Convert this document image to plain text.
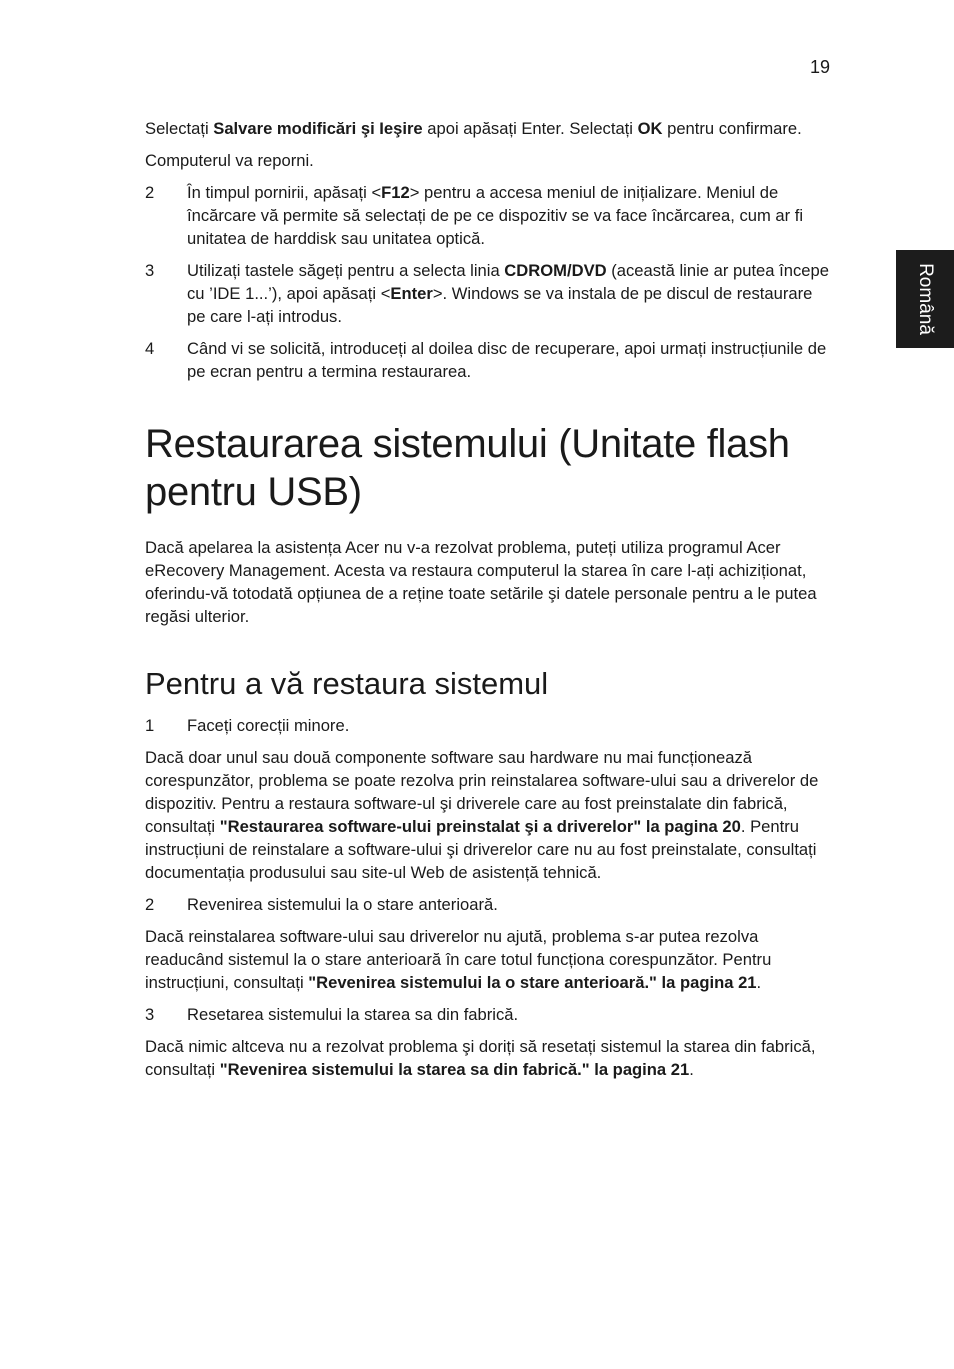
19
Română

Selectați Salvare modificări şi Ieşire apoi apăsați Enter. Selectați OK pentru confirmare.

Computerul va reporni.

2 În timpul pornirii, apăsați <F12> pentru a accesa meniul de inițializare. Meniul de încărcare vă permite să selectați de pe ce dispozitiv se va face încărcarea, cum ar fi unitatea de harddisk sau unitatea optică.
3 Utilizați tastele săgeți pentru a selecta linia CDROM/DVD (această linie ar putea începe cu ’IDE 1...’), apoi apăsați <Enter>. Windows se va instala de pe discul de restaurare pe care l-ați introdus.
4 Când vi se solicită, introduceți al doilea disc de recuperare, apoi urmați instrucțiunile de pe ecran pentru a termina restaurarea.
Restaurarea sistemului (Unitate flash pentru USB)

Dacă apelarea la asistența Acer nu v-a rezolvat problema, puteți utiliza programul Acer eRecovery Management. Acesta va restaura computerul la starea în care l-ați achiziționat, oferindu-vă totodată opțiunea de a reține toate setările şi datele personale pentru a le putea regăsi ulterior.

Pentru a vă restaura sistemul
1 Faceți corecții minore.

Dacă doar unul sau două componente software sau hardware nu mai funcționează corespunzător, problema se poate rezolva prin reinstalarea software-ului sau a driverelor de dispozitiv. Pentru a restaura software-ul şi driverele care au fost preinstalate din fabrică, consultați "Restaurarea software-ului preinstalat şi a driverelor" la pagina 20. Pentru instrucțiuni de reinstalare a software-ului şi driverelor care nu au fost preinstalate, consultați documentația produsului sau site-ul Web de asistență tehnică.

2 Revenirea sistemului la o stare anterioară.

Dacă reinstalarea software-ului sau driverelor nu ajută, problema s-ar putea rezolva readucând sistemul la o stare anterioară în care totul funcționa corespunzător. Pentru instrucțiuni, consultați "Revenirea sistemului la o stare anterioară." la pagina 21.

3 Resetarea sistemului la starea sa din fabrică.

Dacă nimic altceva nu a rezolvat problema şi doriți să resetați sistemul la starea din fabrică, consultați "Revenirea sistemului la starea sa din fabrică." la pagina 21.
